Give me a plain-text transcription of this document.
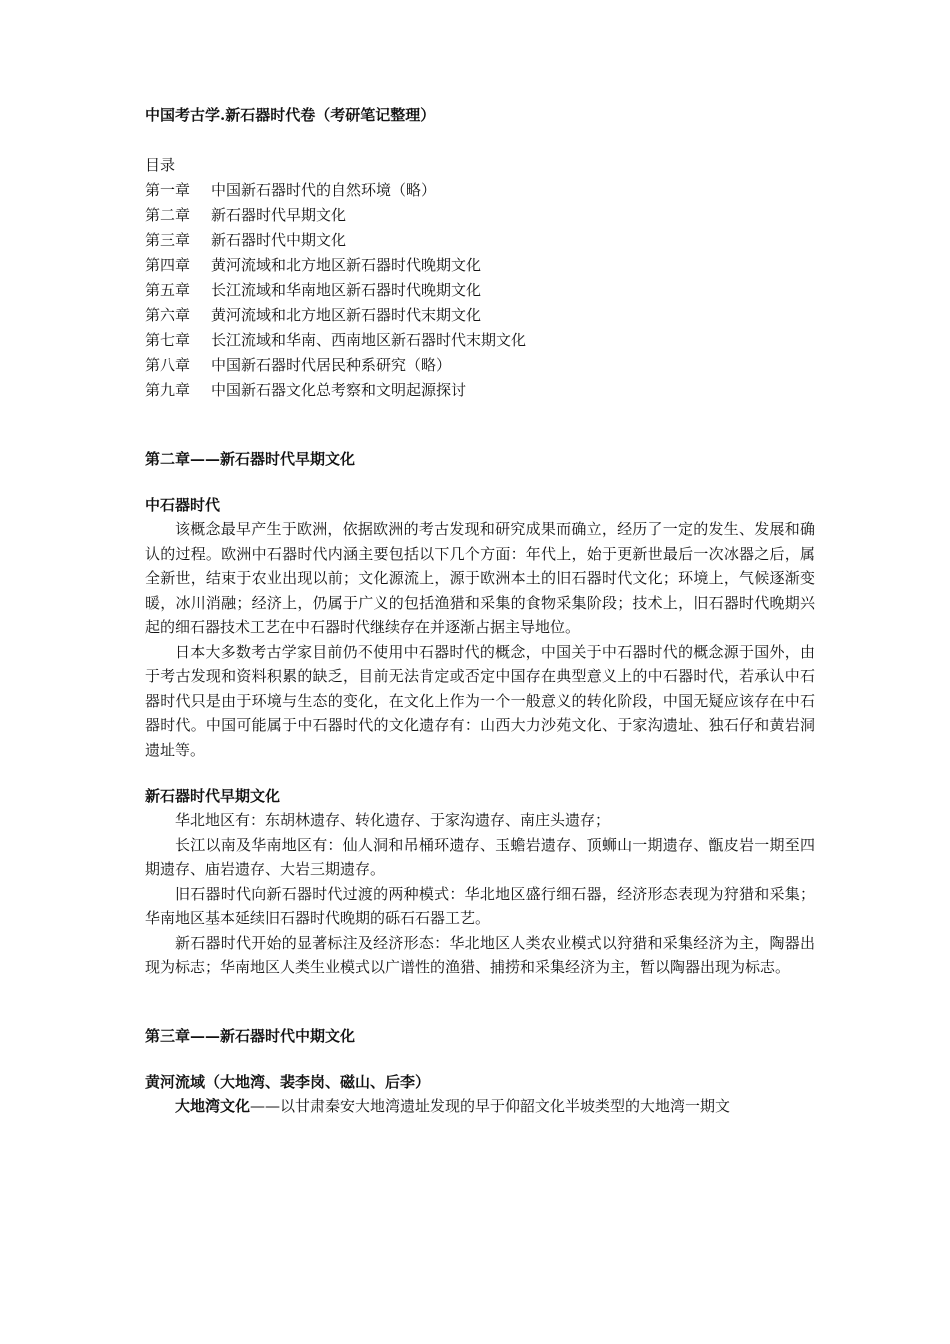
中国考古学.新石器时代卷（考研笔记整理）
目录
第一章 中国新石器时代的自然环境（略）
第二章 新石器时代早期文化
第三章 新石器时代中期文化
第四章 黄河流域和北方地区新石器时代晚期文化
第五章 长江流域和华南地区新石器时代晚期文化
第六章 黄河流域和北方地区新石器时代末期文化
第七章 长江流域和华南、西南地区新石器时代末期文化
第八章 中国新石器时代居民种系研究（略）
第九章 中国新石器文化总考察和文明起源探讨
第二章——新石器时代早期文化
中石器时代

该概念最早产生于欧洲，依据欧洲的考古发现和研究成果而确立，经历了一定的发生、发展和确认的过程。欧洲中石器时代内涵主要包括以下几个方面：年代上，始于更新世最后一次冰器之后，属全新世，结束于农业出现以前；文化源流上，源于欧洲本土的旧石器时代文化；环境上，气候逐渐变暖，冰川消融；经济上，仍属于广义的包括渔猎和采集的食物采集阶段；技术上，旧石器时代晚期兴起的细石器技术工艺在中石器时代继续存在并逐渐占据主导地位。

日本大多数考古学家目前仍不使用中石器时代的概念，中国关于中石器时代的概念源于国外，由于考古发现和资料积累的缺乏，目前无法肯定或否定中国存在典型意义上的中石器时代，若承认中石器时代只是由于环境与生态的变化，在文化上作为一个一般意义的转化阶段，中国无疑应该存在中石器时代。中国可能属于中石器时代的文化遗存有：山西大力沙苑文化、于家沟遗址、独石仔和黄岩洞遗址等。

新石器时代早期文化

华北地区有：东胡林遗存、转化遗存、于家沟遗存、南庄头遗存；

长江以南及华南地区有：仙人洞和吊桶环遗存、玉蟾岩遗存、顶蛳山一期遗存、甑皮岩一期至四期遗存、庙岩遗存、大岩三期遗存。

旧石器时代向新石器时代过渡的两种模式：华北地区盛行细石器，经济形态表现为狩猎和采集；华南地区基本延续旧石器时代晚期的砾石石器工艺。

新石器时代开始的显著标注及经济形态：华北地区人类农业模式以狩猎和采集经济为主，陶器出现为标志；华南地区人类生业模式以广谱性的渔猎、捕捞和采集经济为主，暂以陶器出现为标志。

第三章——新石器时代中期文化
黄河流域（大地湾、裴李岗、磁山、后李）

大地湾文化——以甘肃秦安大地湾遗址发现的早于仰韶文化半坡类型的大地湾一期文
